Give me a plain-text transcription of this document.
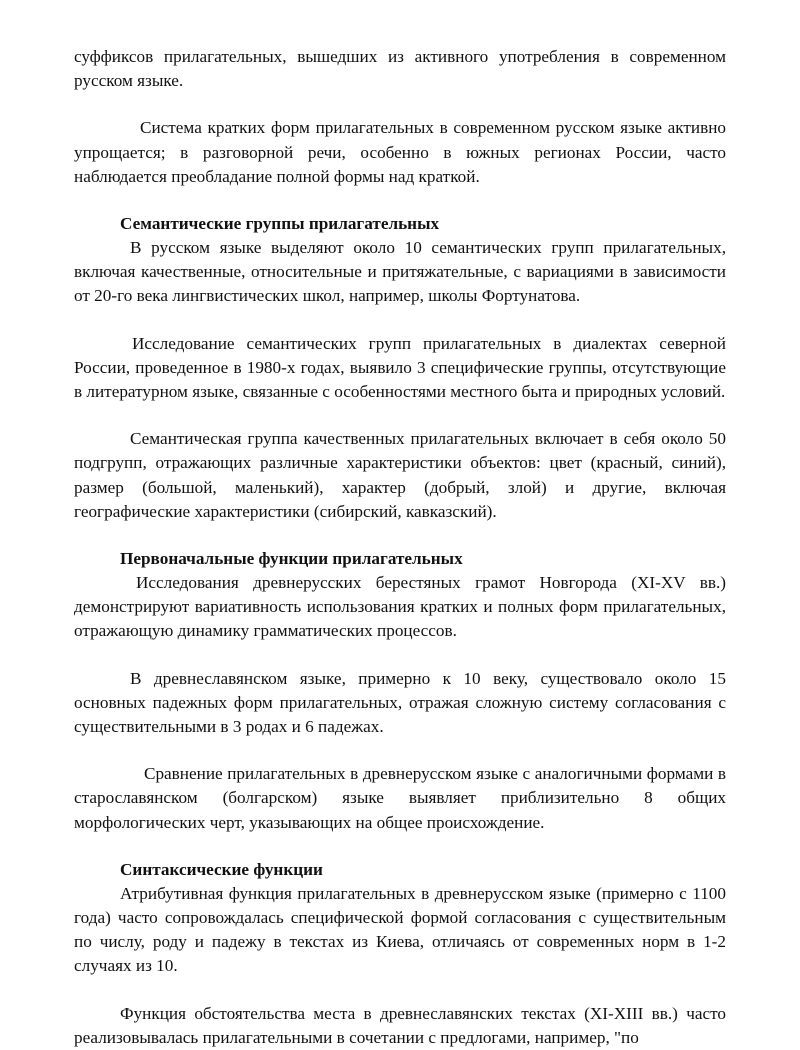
суффиксов прилагательных, вышедших из активного употребления в современном русском языке.

Система кратких форм прилагательных в современном русском языке активно упрощается; в разговорной речи, особенно в южных регионах России, часто наблюдается преобладание полной формы над краткой.

Семантические группы прилагательных

В русском языке выделяют около 10 семантических групп прилагательных, включая качественные, относительные и притяжательные, с вариациями в зависимости от 20-го века лингвистических школ, например, школы Фортунатова.

Исследование семантических групп прилагательных в диалектах северной России, проведенное в 1980-х годах, выявило 3 специфические группы, отсутствующие в литературном языке, связанные с особенностями местного быта и природных условий.

Семантическая группа качественных прилагательных включает в себя около 50 подгрупп, отражающих различные характеристики объектов: цвет (красный, синий), размер (большой, маленький), характер (добрый, злой) и другие, включая географические характеристики (сибирский, кавказский).

Первоначальные функции прилагательных

Исследования древнерусских берестяных грамот Новгорода (XI-XV вв.) демонстрируют вариативность использования кратких и полных форм прилагательных, отражающую динамику грамматических процессов.

В древнеславянском языке, примерно к 10 веку, существовало около 15 основных падежных форм прилагательных, отражая сложную систему согласования с существительными в 3 родах и 6 падежах.

Сравнение прилагательных в древнерусском языке с аналогичными формами в старославянском (болгарском) языке выявляет приблизительно 8 общих морфологических черт, указывающих на общее происхождение.

Синтаксические функции

Атрибутивная функция прилагательных в древнерусском языке (примерно с 1100 года) часто сопровождалась специфической формой согласования с существительным по числу, роду и падежу в текстах из Киева, отличаясь от современных норм в 1-2 случаях из 10.

Функция обстоятельства места в древнеславянских текстах (XI-XIII вв.) часто реализовывалась прилагательными в сочетании с предлогами, например, "по
